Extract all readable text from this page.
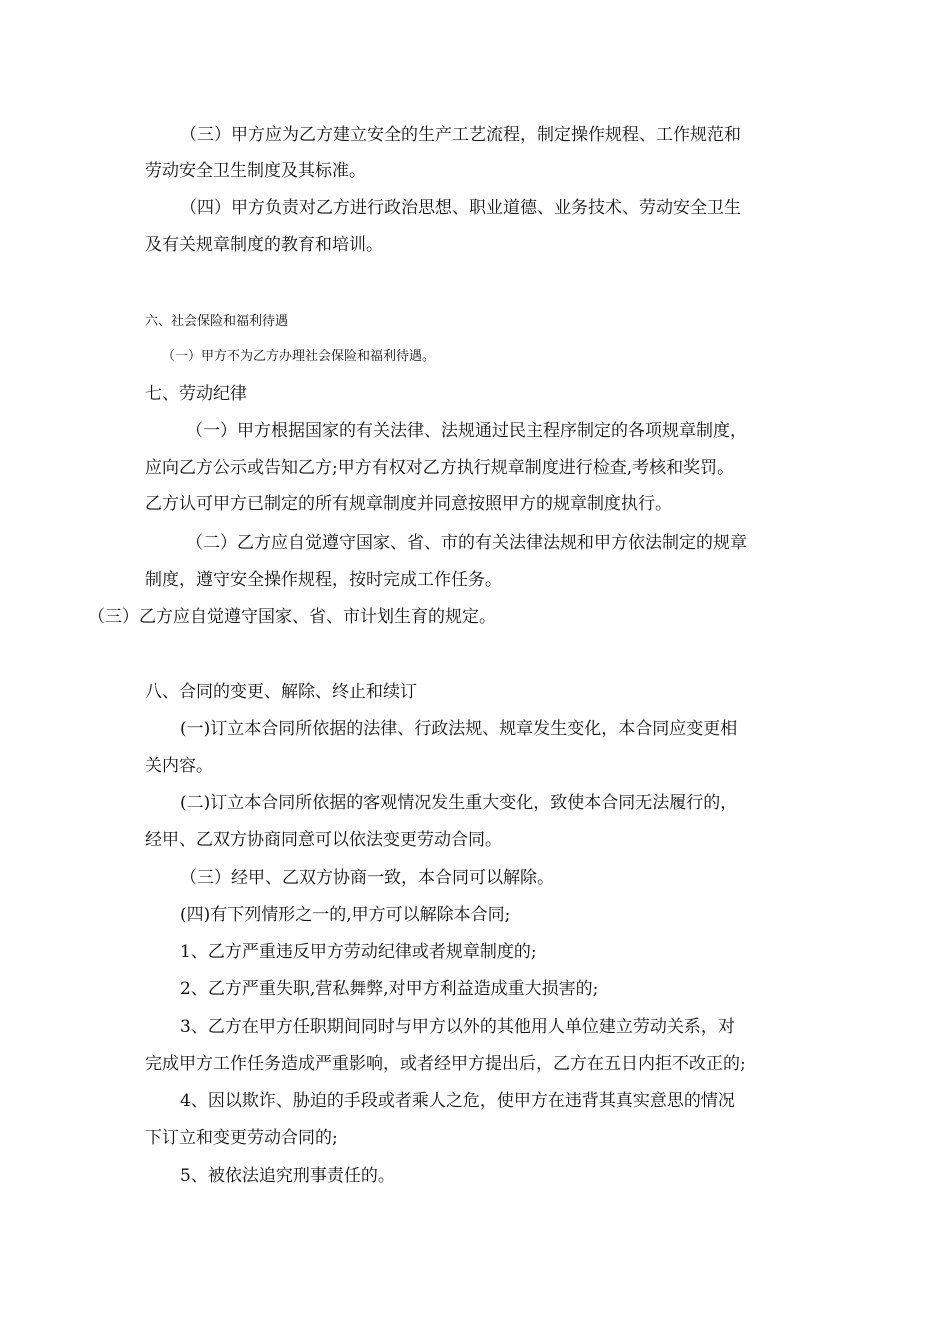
（三）甲方应为乙方建立安全的生产工艺流程，制定操作规程、工作规范和
劳动安全卫生制度及其标准。
（四）甲方负责对乙方进行政治思想、职业道德、业务技术、劳动安全卫生
及有关规章制度的教育和培训。
六、社会保险和福利待遇
（一）甲方不为乙方办理社会保险和福利待遇。
七、劳动纪律
（一）甲方根据国家的有关法律、法规通过民主程序制定的各项规章制度，
应向乙方公示或告知乙方;甲方有权对乙方执行规章制度进行检查,考核和奖罚。
乙方认可甲方已制定的所有规章制度并同意按照甲方的规章制度执行。
（二）乙方应自觉遵守国家、省、市的有关法律法规和甲方依法制定的规章
制度，遵守安全操作规程，按时完成工作任务。
（三）乙方应自觉遵守国家、省、市计划生育的规定。
八、合同的变更、解除、终止和续订
(一)订立本合同所依据的法律、行政法规、规章发生变化，本合同应变更相
关内容。
(二)订立本合同所依据的客观情况发生重大变化，致使本合同无法履行的，
经甲、乙双方协商同意可以依法变更劳动合同。
（三）经甲、乙双方协商一致，本合同可以解除。
(四)有下列情形之一的,甲方可以解除本合同;
1、乙方严重违反甲方劳动纪律或者规章制度的;
2、乙方严重失职,营私舞弊,对甲方利益造成重大损害的;
3、乙方在甲方任职期间同时与甲方以外的其他用人单位建立劳动关系，对
完成甲方工作任务造成严重影响，或者经甲方提出后，乙方在五日内拒不改正的;
4、因以欺诈、胁迫的手段或者乘人之危，使甲方在违背其真实意思的情况
下订立和变更劳动合同的;
5、被依法追究刑事责任的。
